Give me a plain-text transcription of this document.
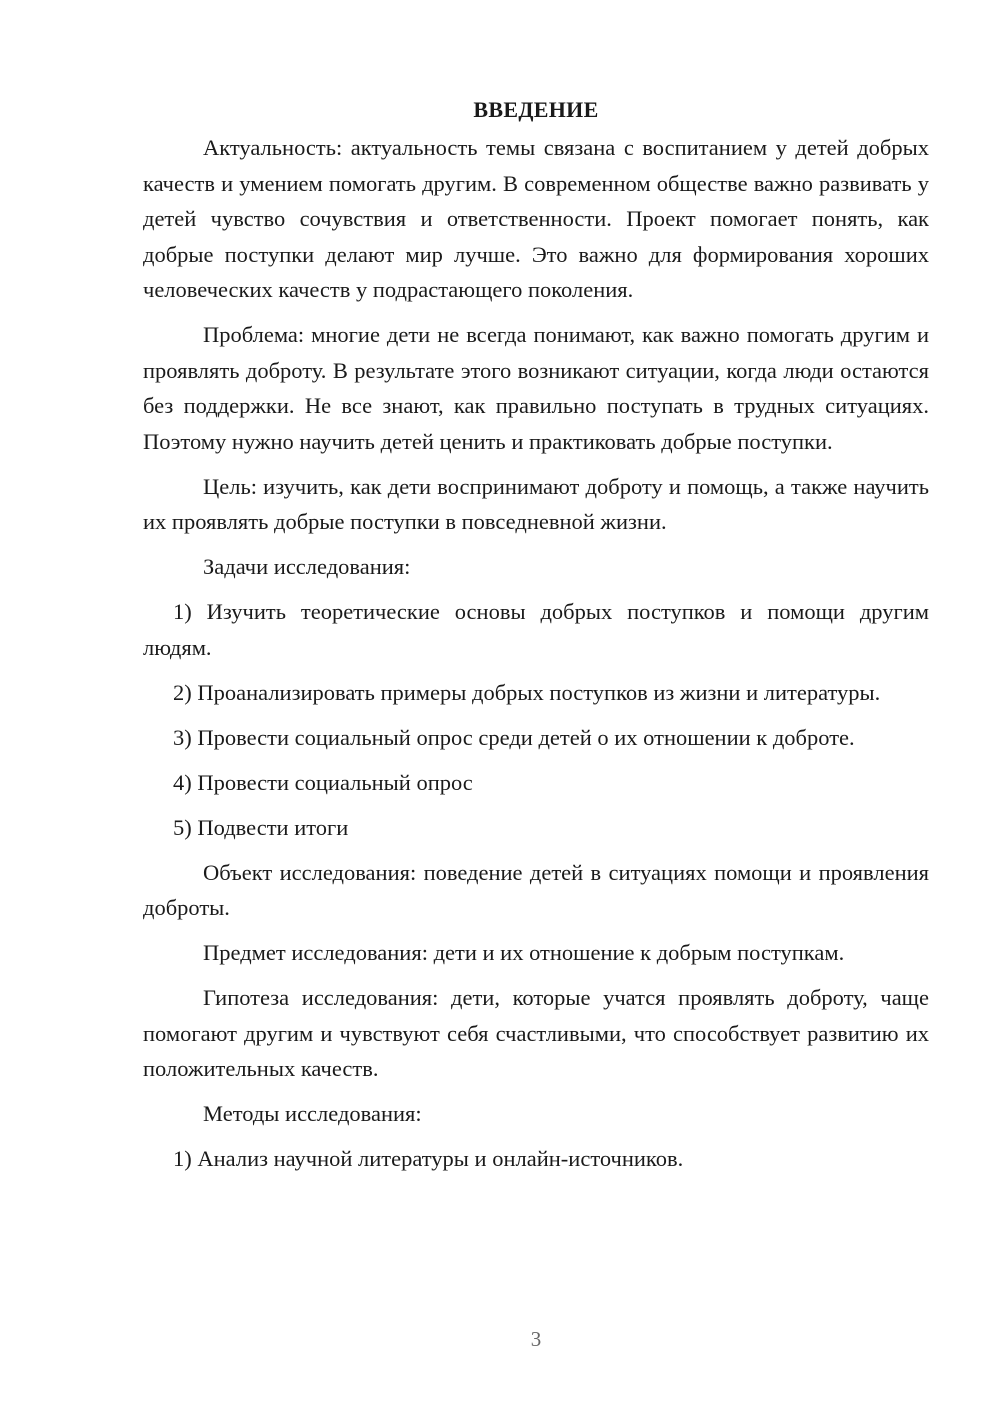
ВВЕДЕНИЕ

Актуальность: актуальность темы связана с воспитанием у детей добрых качеств и умением помогать другим. В современном обществе важно развивать у детей чувство сочувствия и ответственности. Проект помогает понять, как добрые поступки делают мир лучше. Это важно для формирования хороших человеческих качеств у подрастающего поколения.

Проблема: многие дети не всегда понимают, как важно помогать другим и проявлять доброту. В результате этого возникают ситуации, когда люди остаются без поддержки. Не все знают, как правильно поступать в трудных ситуациях. Поэтому нужно научить детей ценить и практиковать добрые поступки.

Цель: изучить, как дети воспринимают доброту и помощь, а также научить их проявлять добрые поступки в повседневной жизни.

Задачи исследования:

1) Изучить теоретические основы добрых поступков и помощи другим людям.

2) Проанализировать примеры добрых поступков из жизни и литературы.

3) Провести социальный опрос среди детей о их отношении к доброте.

4) Провести социальный опрос

5) Подвести итоги

Объект исследования: поведение детей в ситуациях помощи и проявления доброты.

Предмет исследования: дети и их отношение к добрым поступкам.

Гипотеза исследования: дети, которые учатся проявлять доброту, чаще помогают другим и чувствуют себя счастливыми, что способствует развитию их положительных качеств.

Методы исследования:

1) Анализ научной литературы и онлайн-источников.

3
